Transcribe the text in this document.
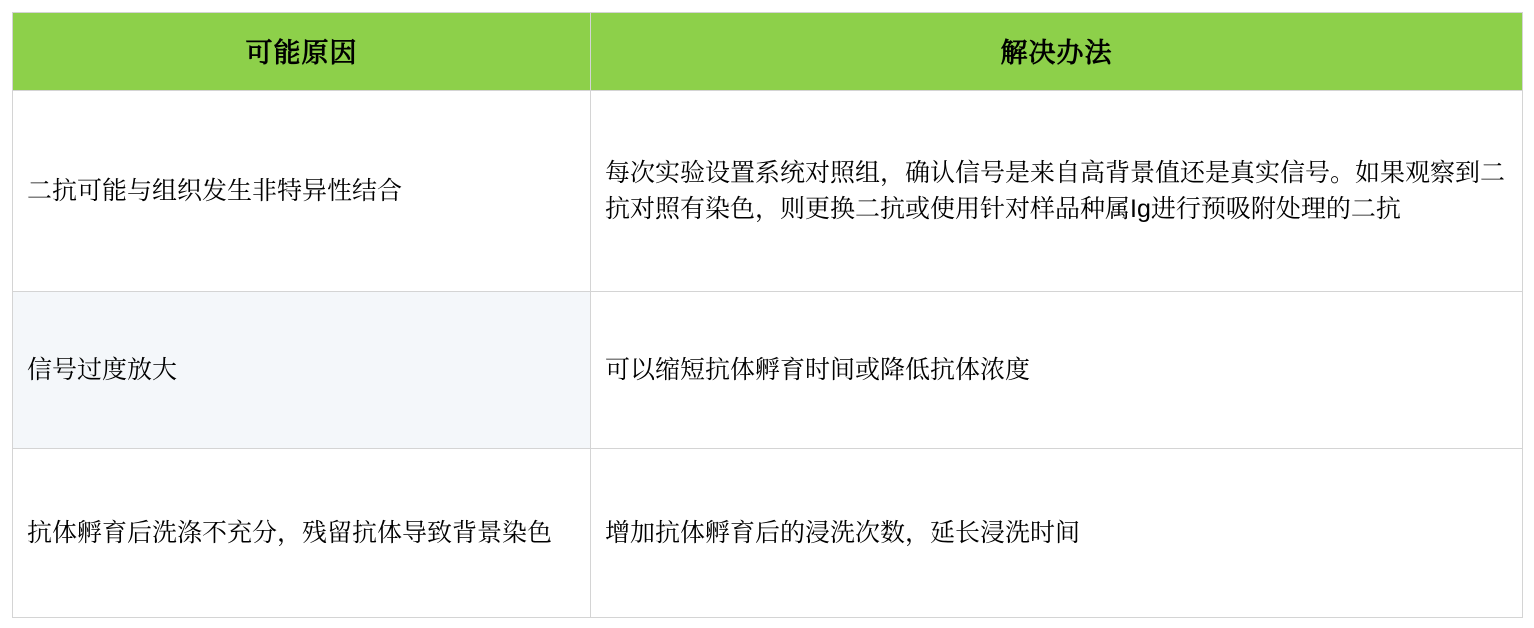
可能原因	解决办法

二抗可能与组织发生非特异性结合	每次实验设置系统对照组，确认信号是来自高背景值还是真实信号。如果观察到二抗对照有染色，则更换二抗或使用针对样品种属Ig进行预吸附处理的二抗

信号过度放大	可以缩短抗体孵育时间或降低抗体浓度

抗体孵育后洗涤不充分，残留抗体导致背景染色	增加抗体孵育后的浸洗次数，延长浸洗时间
